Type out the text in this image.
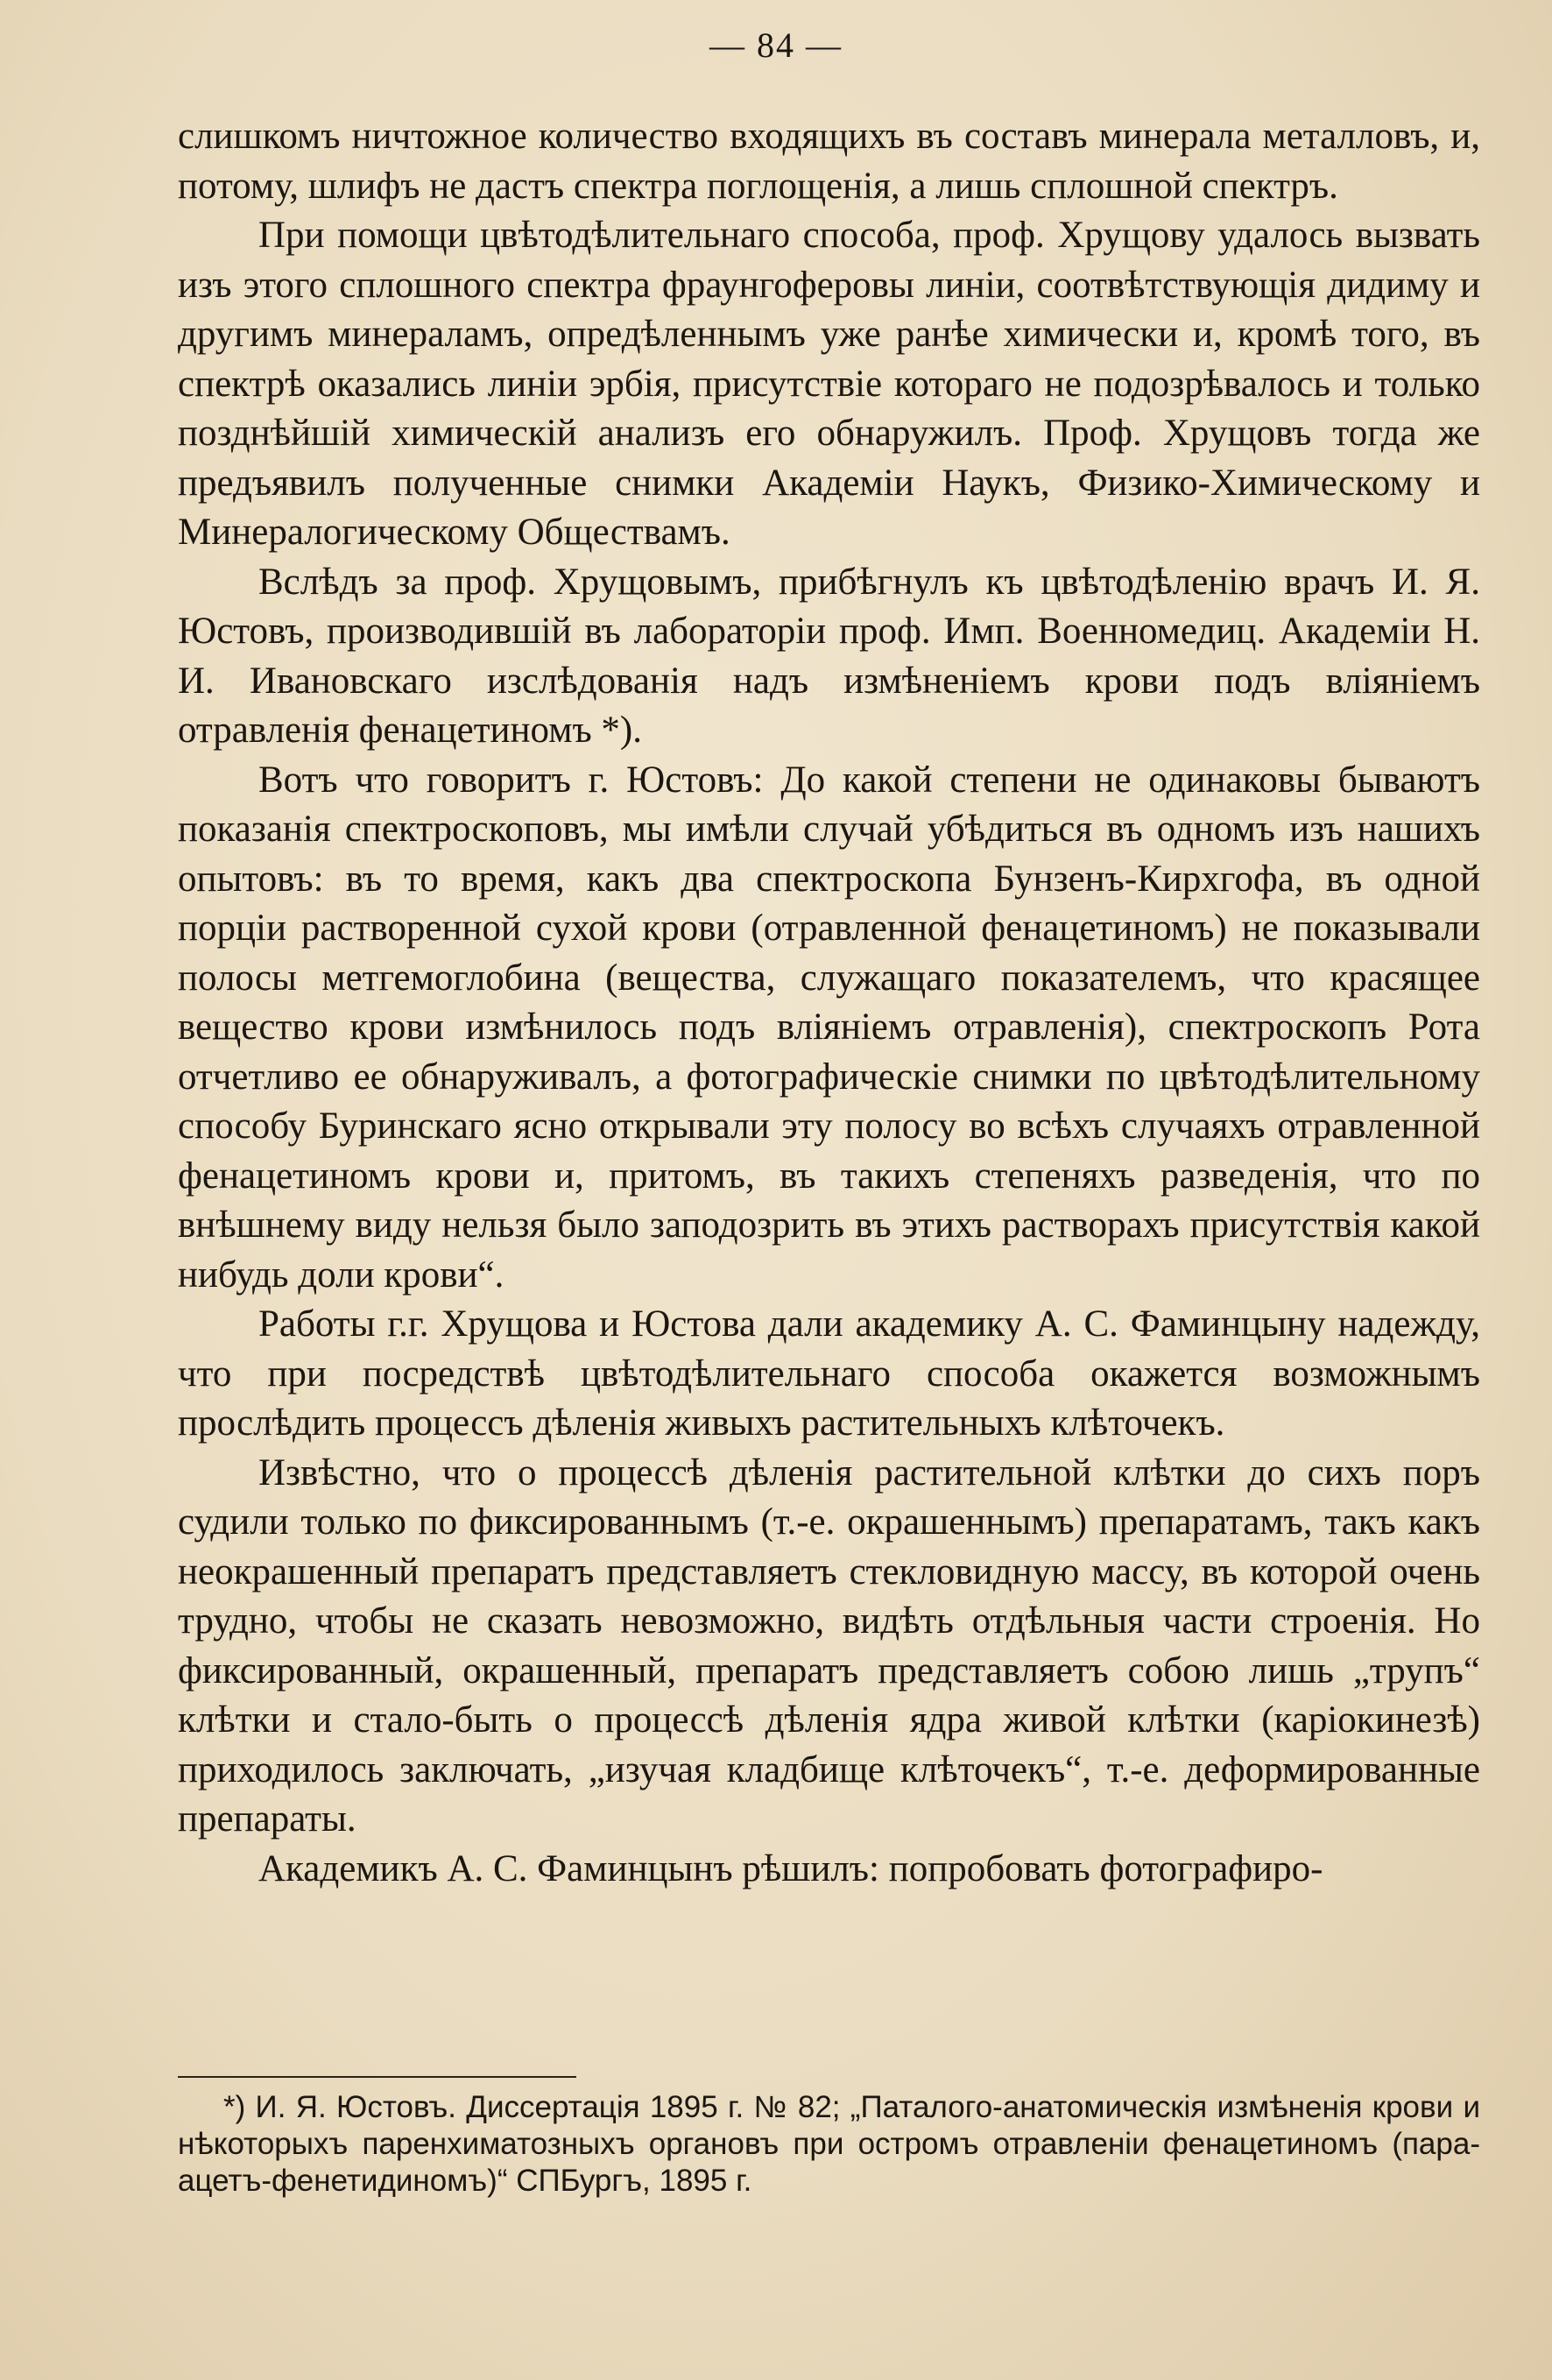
— 84 —

слишкомъ ничтожное количество входящихъ въ составъ минерала металловъ, и, потому, шлифъ не дастъ спектра поглощенія, а лишь сплошной спектръ.

При помощи цвѣтодѣлительнаго способа, проф. Хрущову удалось вызвать изъ этого сплошного спектра фраунгоферовы линіи, соотвѣтствующія дидиму и другимъ минераламъ, опредѣленнымъ уже ранѣе химически и, кромѣ того, въ спектрѣ оказались линіи эрбія, присутствіе котораго не подозрѣвалось и только позднѣйшій химическій анализъ его обнаружилъ. Проф. Хрущовъ тогда же предъявилъ полученные снимки Академіи Наукъ, Физико-Химическому и Минералогическому Обществамъ.

Вслѣдъ за проф. Хрущовымъ, прибѣгнулъ къ цвѣтодѣленію врачъ И. Я. Юстовъ, производившій въ лабораторіи проф. Имп. Военномедиц. Академіи Н. И. Ивановскаго изслѣдованія надъ измѣненіемъ крови подъ вліяніемъ отравленія фенацетиномъ *).

Вотъ что говоритъ г. Юстовъ: До какой степени не одинаковы бываютъ показанія спектроскоповъ, мы имѣли случай убѣдиться въ одномъ изъ нашихъ опытовъ: въ то время, какъ два спектроскопа Бунзенъ-Кирхгофа, въ одной порціи растворенной сухой крови (отравленной фенацетиномъ) не показывали полосы метгемоглобина (вещества, служащаго показателемъ, что красящее вещество крови измѣнилось подъ вліяніемъ отравленія), спектроскопъ Рота отчетливо ее обнаруживалъ, а фотографическіе снимки по цвѣтодѣлительному способу Буринскаго ясно открывали эту полосу во всѣхъ случаяхъ отравленной фенацетиномъ крови и, притомъ, въ такихъ степеняхъ разведенія, что по внѣшнему виду нельзя было заподозрить въ этихъ растворахъ присутствія какой нибудь доли крови“.

Работы г.г. Хрущова и Юстова дали академику А. С. Фаминцыну надежду, что при посредствѣ цвѣтодѣлительнаго способа окажется возможнымъ прослѣдить процессъ дѣленія живыхъ растительныхъ клѣточекъ.

Извѣстно, что о процессѣ дѣленія растительной клѣтки до сихъ поръ судили только по фиксированнымъ (т.-е. окрашеннымъ) препаратамъ, такъ какъ неокрашенный препаратъ представляетъ стекловидную массу, въ которой очень трудно, чтобы не сказать невозможно, видѣть отдѣльныя части строенія. Но фиксированный, окрашенный, препаратъ представляетъ собою лишь „трупъ“ клѣтки и стало-быть о процессѣ дѣленія ядра живой клѣтки (каріокинезѣ) приходилось заключать, „изучая кладбище клѣточекъ“, т.-е. деформированные препараты.

Академикъ А. С. Фаминцынъ рѣшилъ: попробовать фотографиро-

*) И. Я. Юстовъ. Диссертація 1895 г. № 82; „Паталого-анатомическія измѣненія крови и нѣкоторыхъ паренхиматозныхъ органовъ при остромъ отравленіи фенацетиномъ (пара-ацетъ-фенетидиномъ)“ СПБургъ, 1895 г.
